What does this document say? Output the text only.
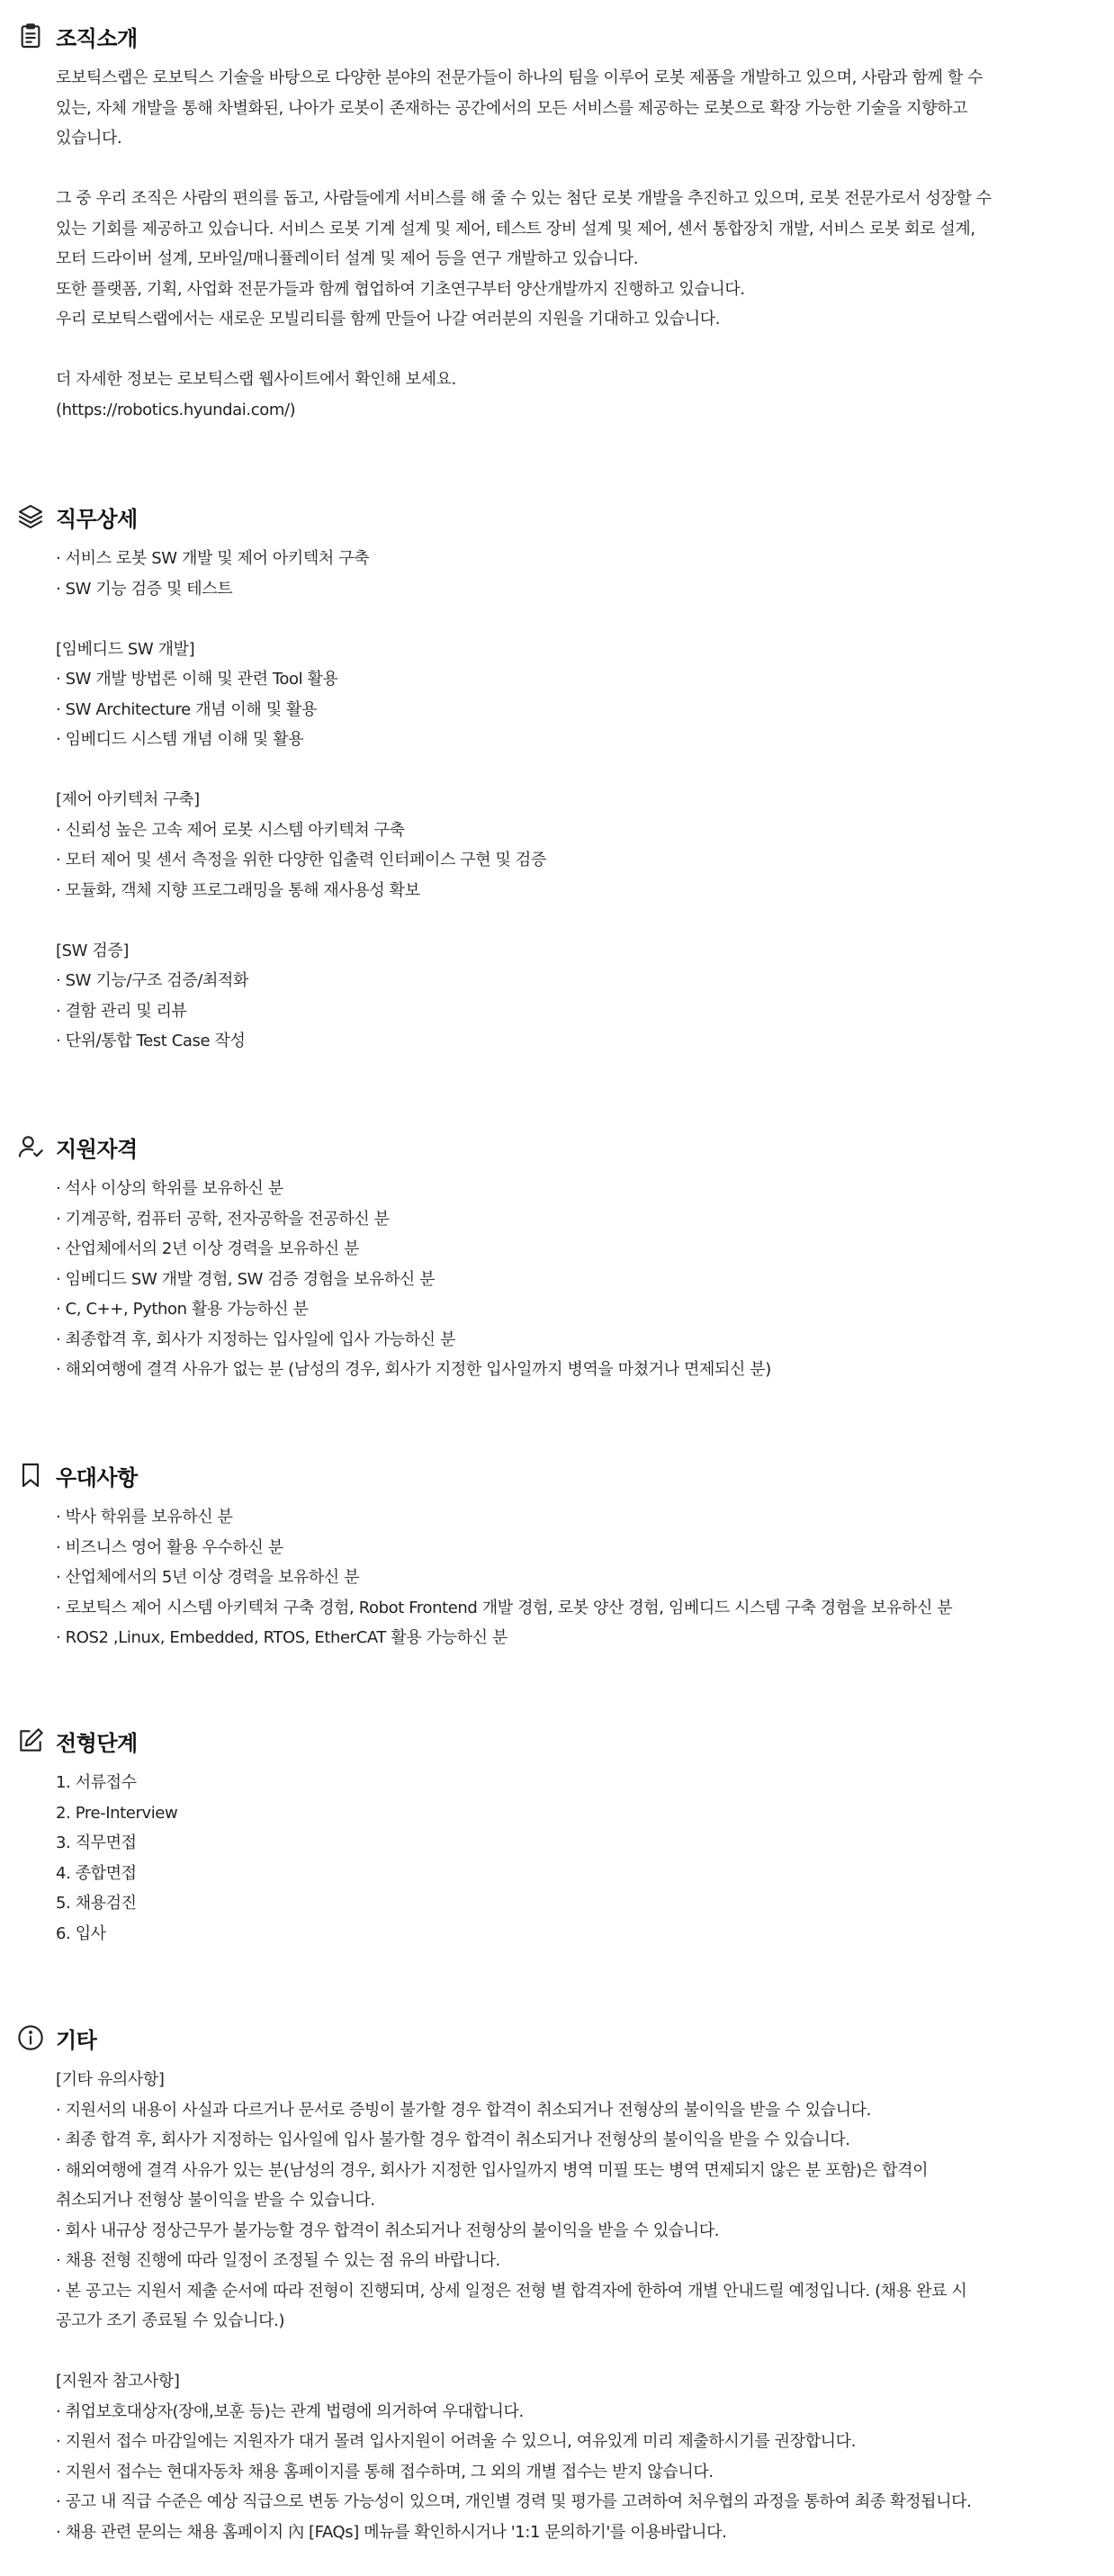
조직소개
로보틱스랩은 로보틱스 기술을 바탕으로 다양한 분야의 전문가들이 하나의 팀을 이루어 로봇 제품을 개발하고 있으며, 사람과 함께 할 수
있는, 자체 개발을 통해 차별화된, 나아가 로봇이 존재하는 공간에서의 모든 서비스를 제공하는 로봇으로 확장 가능한 기술을 지향하고
있습니다.
그 중 우리 조직은 사람의 편의를 돕고, 사람들에게 서비스를 해 줄 수 있는 첨단 로봇 개발을 추진하고 있으며, 로봇 전문가로서 성장할 수
있는 기회를 제공하고 있습니다. 서비스 로봇 기계 설계 및 제어, 테스트 장비 설계 및 제어, 센서 통합장치 개발, 서비스 로봇 회로 설계,
모터 드라이버 설계, 모바일/매니퓰레이터 설계 및 제어 등을 연구 개발하고 있습니다.
또한 플랫폼, 기획, 사업화 전문가들과 함께 협업하여 기초연구부터 양산개발까지 진행하고 있습니다.
우리 로보틱스랩에서는 새로운 모빌리티를 함께 만들어 나갈 여러분의 지원을 기대하고 있습니다.
더 자세한 정보는 로보틱스랩 웹사이트에서 확인해 보세요.
(https://robotics.hyundai.com/)
직무상세
· 서비스 로봇 SW 개발 및 제어 아키텍처 구축
· SW 기능 검증 및 테스트
[임베디드 SW 개발]
· SW 개발 방법론 이해 및 관련 Tool 활용
· SW Architecture 개념 이해 및 활용
· 임베디드 시스템 개념 이해 및 활용
[제어 아키텍처 구축]
· 신뢰성 높은 고속 제어 로봇 시스템 아키텍쳐 구축
· 모터 제어 및 센서 측정을 위한 다양한 입출력 인터페이스 구현 및 검증
· 모듈화, 객체 지향 프로그래밍을 통해 재사용성 확보
[SW 검증]
· SW 기능/구조 검증/최적화
· 결함 관리 및 리뷰
· 단위/통합 Test Case 작성
지원자격
· 석사 이상의 학위를 보유하신 분
· 기계공학, 컴퓨터 공학, 전자공학을 전공하신 분
· 산업체에서의 2년 이상 경력을 보유하신 분
· 임베디드 SW 개발 경험, SW 검증 경험을 보유하신 분
· C, C++, Python 활용 가능하신 분
· 최종합격 후, 회사가 지정하는 입사일에 입사 가능하신 분
· 해외여행에 결격 사유가 없는 분 (남성의 경우, 회사가 지정한 입사일까지 병역을 마쳤거나 면제되신 분)
우대사항
· 박사 학위를 보유하신 분
· 비즈니스 영어 활용 우수하신 분
· 산업체에서의 5년 이상 경력을 보유하신 분
· 로보틱스 제어 시스템 아키텍쳐 구축 경험, Robot Frontend 개발 경험, 로봇 양산 경험, 임베디드 시스템 구축 경험을 보유하신 분
· ROS2 ,Linux, Embedded, RTOS, EtherCAT 활용 가능하신 분
전형단계
1. 서류접수
2. Pre-Interview
3. 직무면접
4. 종합면접
5. 채용검진
6. 입사
기타
[기타 유의사항]
· 지원서의 내용이 사실과 다르거나 문서로 증빙이 불가할 경우 합격이 취소되거나 전형상의 불이익을 받을 수 있습니다.
· 최종 합격 후, 회사가 지정하는 입사일에 입사 불가할 경우 합격이 취소되거나 전형상의 불이익을 받을 수 있습니다.
· 해외여행에 결격 사유가 있는 분(남성의 경우, 회사가 지정한 입사일까지 병역 미필 또는 병역 면제되지 않은 분 포함)은 합격이
취소되거나 전형상 불이익을 받을 수 있습니다.
· 회사 내규상 정상근무가 불가능할 경우 합격이 취소되거나 전형상의 불이익을 받을 수 있습니다.
· 채용 전형 진행에 따라 일정이 조정될 수 있는 점 유의 바랍니다.
· 본 공고는 지원서 제출 순서에 따라 전형이 진행되며, 상세 일정은 전형 별 합격자에 한하여 개별 안내드릴 예정입니다. (채용 완료 시
공고가 조기 종료될 수 있습니다.)
[지원자 참고사항]
· 취업보호대상자(장애,보훈 등)는 관계 법령에 의거하여 우대합니다.
· 지원서 접수 마감일에는 지원자가 대거 몰려 입사지원이 어려울 수 있으니, 여유있게 미리 제출하시기를 권장합니다.
· 지원서 접수는 현대자동차 채용 홈페이지를 통해 접수하며, 그 외의 개별 접수는 받지 않습니다.
· 공고 내 직급 수준은 예상 직급으로 변동 가능성이 있으며, 개인별 경력 및 평가를 고려하여 처우협의 과정을 통하여 최종 확정됩니다.
· 채용 관련 문의는 채용 홈페이지 內 [FAQs] 메뉴를 확인하시거나 '1:1 문의하기'를 이용바랍니다.
